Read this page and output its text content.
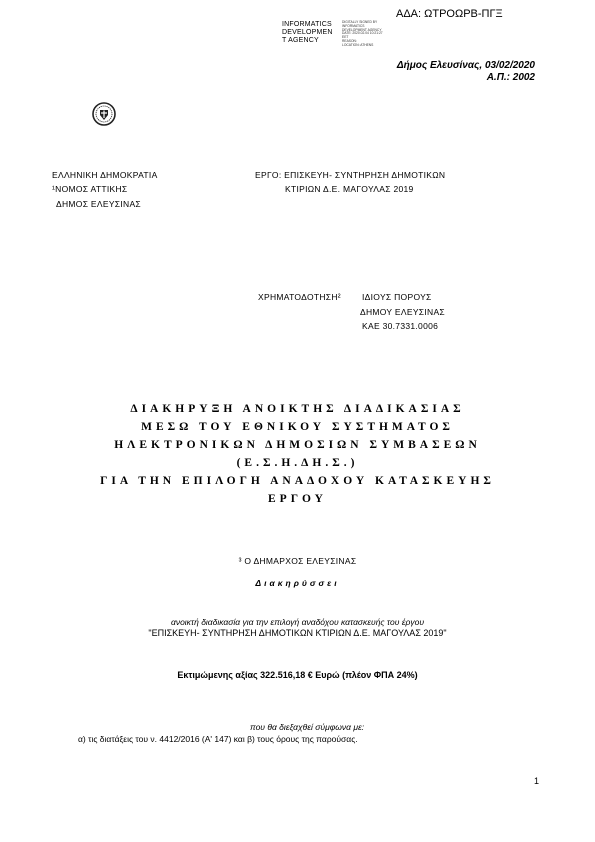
ΑΔΑ: ΩΤΡΟΩΡΒ-ΠΓΞ
INFORMATICS
DEVELOPMEN
T AGENCY
DIGITALLY SIGNED BY
INFORMATICS
DEVELOPMENT AGENCY
DATE: 2020.02.04 10:21:27
EET
REASON:
LOCATION: ATHENS
Δήμος Ελευσίνας, 03/02/2020
Α.Π.: 2002
ΕΛΛΗΝΙΚΗ ΔΗΜΟΚΡΑΤΙΑ
¹ΝΟΜΟΣ ΑΤΤΙΚΗΣ
ΔΗΜΟΣ ΕΛΕΥΣΙΝΑΣ
ΕΡΓΟ: ΕΠΙΣΚΕΥΗ- ΣΥΝΤΗΡΗΣΗ ΔΗΜΟΤΙΚΩΝ
ΚΤΙΡΙΩΝ Δ.Ε. ΜΑΓΟΥΛΑΣ 2019
ΧΡΗΜΑΤΟΔΟΤΗΣΗ² ΙΔΙΟΥΣ ΠΟΡΟΥΣ
ΔΗΜΟΥ ΕΛΕΥΣΙΝΑΣ
ΚΑΕ 30.7331.0006
ΔΙΑΚΗΡΥΞΗ ΑΝΟΙΚΤΗΣ ΔΙΑΔΙΚΑΣΙΑΣ
ΜΕΣΩ ΤΟΥ ΕΘΝΙΚΟΥ ΣΥΣΤΗΜΑΤΟΣ
ΗΛΕΚΤΡΟΝΙΚΩΝ ΔΗΜΟΣΙΩΝ ΣΥΜΒΑΣΕΩΝ
(Ε.Σ.Η.ΔΗ.Σ.)
ΓΙΑ ΤΗΝ ΕΠΙΛΟΓΗ ΑΝΑΔΟΧΟΥ ΚΑΤΑΣΚΕΥΗΣ
ΕΡΓΟΥ
³ Ο ΔΗΜΑΡΧΟΣ ΕΛΕΥΣΙΝΑΣ
Διακηρύσσει
ανοικτή διαδικασία για την επιλογή αναδόχου κατασκευής του έργου
"ΕΠΙΣΚΕΥΗ- ΣΥΝΤΗΡΗΣΗ ΔΗΜΟΤΙΚΩΝ ΚΤΙΡΙΩΝ Δ.Ε. ΜΑΓΟΥΛΑΣ 2019"
Εκτιμώμενης αξίας 322.516,18 € Ευρώ (πλέον ΦΠΑ 24%)
που θα διεξαχθεί σύμφωνα με:
α) τις διατάξεις του ν. 4412/2016 (Α' 147) και β) τους όρους της παρούσας.
1
